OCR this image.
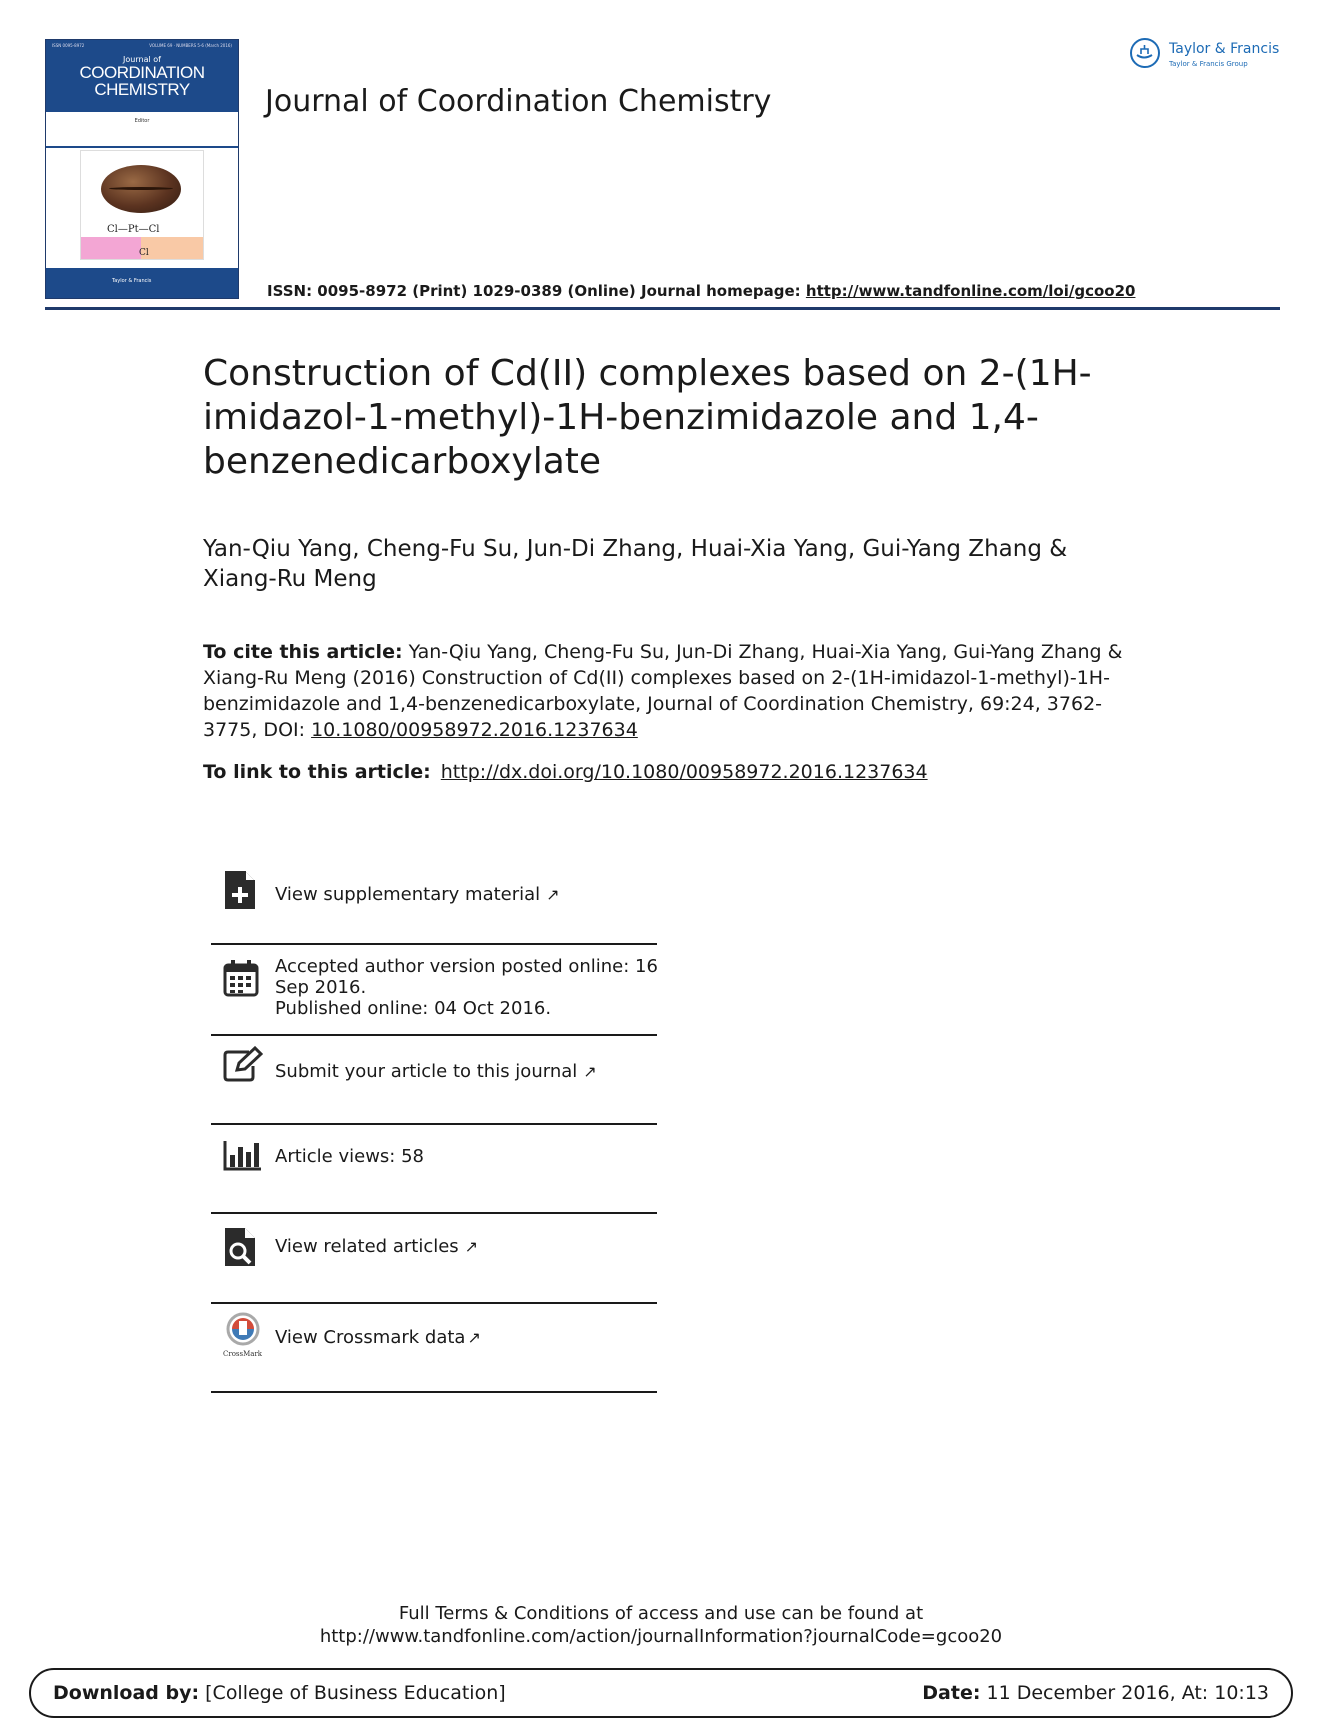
ISSN 0095-8972	VOLUME 69 · NUMBERS 5-6 (March 2016)
Journal of
COORDINATION
CHEMISTRY
Editor
Cl—Pt—Cl
Cl
Taylor & Francis
Journal of Coordination Chemistry
Taylor & Francis
Taylor & Francis Group
ISSN: 0095-8972 (Print) 1029-0389 (Online) Journal homepage: http://www.tandfonline.com/loi/gcoo20
Construction of Cd(II) complexes based on 2-(1H-imidazol-1-methyl)-1H-benzimidazole and 1,4-benzenedicarboxylate
Yan-Qiu Yang, Cheng-Fu Su, Jun-Di Zhang, Huai-Xia Yang, Gui-Yang Zhang & Xiang-Ru Meng
To cite this article: Yan-Qiu Yang, Cheng-Fu Su, Jun-Di Zhang, Huai-Xia Yang, Gui-Yang Zhang & Xiang-Ru Meng (2016) Construction of Cd(II) complexes based on 2-(1H-imidazol-1-methyl)-1H-benzimidazole and 1,4-benzenedicarboxylate, Journal of Coordination Chemistry, 69:24, 3762-3775, DOI: 10.1080/00958972.2016.1237634
To link to this article: http://dx.doi.org/10.1080/00958972.2016.1237634
View supplementary material ↗
Accepted author version posted online: 16
Sep 2016.
Published online: 04 Oct 2016.
Submit your article to this journal ↗
Article views: 58
View related articles ↗
CrossMark
View Crossmark data ↗
Full Terms & Conditions of access and use can be found at
http://www.tandfonline.com/action/journalInformation?journalCode=gcoo20
Download by: [College of Business Education]	Date: 11 December 2016, At: 10:13
